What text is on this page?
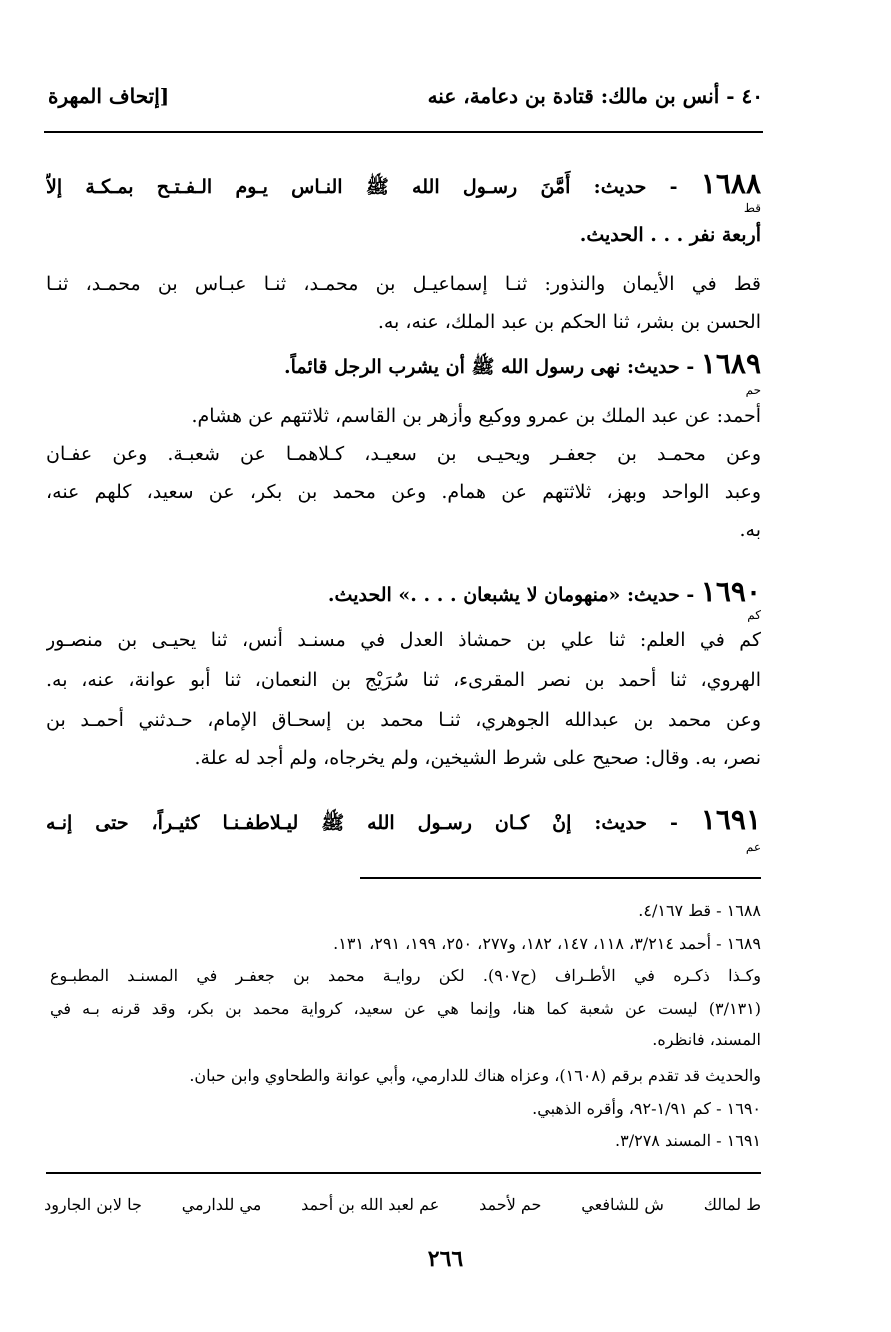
٤٠ - أنس بن مالك: قتادة بن دعامة، عنه
[إتحاف المهرة
١٦٨٨ - حديث: أَمَّنَ رسـول الله ﷺ النـاس يـوم الـفـتـح بمـكـة إلاّ
قط
أربعة نفر . . . الحديث.
قط في الأيمان والنذور: ثنـا إسماعيـل بن محمـد، ثنـا عبـاس بن محمـد، ثنـا
الحسن بن بشر، ثنا الحكم بن عبد الملك، عنه، به.
١٦٨٩ - حديث: نهى رسول الله ﷺ أن يشرب الرجل قائماً.
حم
أحمد: عن عبد الملك بن عمرو ووكيع وأزهر بن القاسم، ثلاثتهم عن هشام.
وعن محمـد بن جعفـر ويحيـى بن سعيـد، كـلاهمـا عن شعبـة. وعن عفـان
وعبد الواحد وبهز، ثلاثتهم عن همام. وعن محمد بن بكر، عن سعيد، كلهم عنه،
به.
١٦٩٠ - حديث: «منهومان لا يشبعان . . . .» الحديث.
كم
كم في العلم: ثنا علي بن حمشاذ العدل في مسنـد أنس، ثنا يحيـى بن منصـور
الهروي، ثنا أحمد بن نصر المقرىء، ثنا سُرَيْج بن النعمان، ثنا أبو عوانة، عنه، به.
وعن محمد بن عبدالله الجوهري، ثنـا محمد بن إسحـاق الإمام، حـدثني أحمـد بن
نصر، به. وقال: صحيح على شرط الشيخين، ولم يخرجاه، ولم أجد له علة.
١٦٩١ - حديث: إنْ كـان رسـول الله ﷺ ليـلاطفـنـا كثيـراً، حتى إنـه
عم
١٦٨٨ - قط ٤/١٦٧.
١٦٨٩ - أحمد ٣/٢١٤، ١١٨، ١٤٧، ١٨٢، و٢٧٧، ٢٥٠، ١٩٩، ٢٩١، ١٣١.
وكـذا ذكـره في الأطـراف (ح٩٠٧). لكن روايـة محمد بن جعفـر في المسنـد المطبـوع
(٣/١٣١) ليست عن شعبة كما هنا، وإنما هي عن سعيد، كرواية محمد بن بكر، وقد قرنه بـه في
المسند، فانظره.
والحديث قد تقدم برقم (١٦٠٨)، وعزاه هناك للدارمي، وأبي عوانة والطحاوي وابن حبان.
١٦٩٠ - كم ١/٩١-٩٢، وأقره الذهبي.
١٦٩١ - المسند ٣/٢٧٨.
ط لمالك
ش للشافعي
حم لأحمد
عم لعبد الله بن أحمد
مي للدارمي
جا لابن الجارود
٢٦٦
